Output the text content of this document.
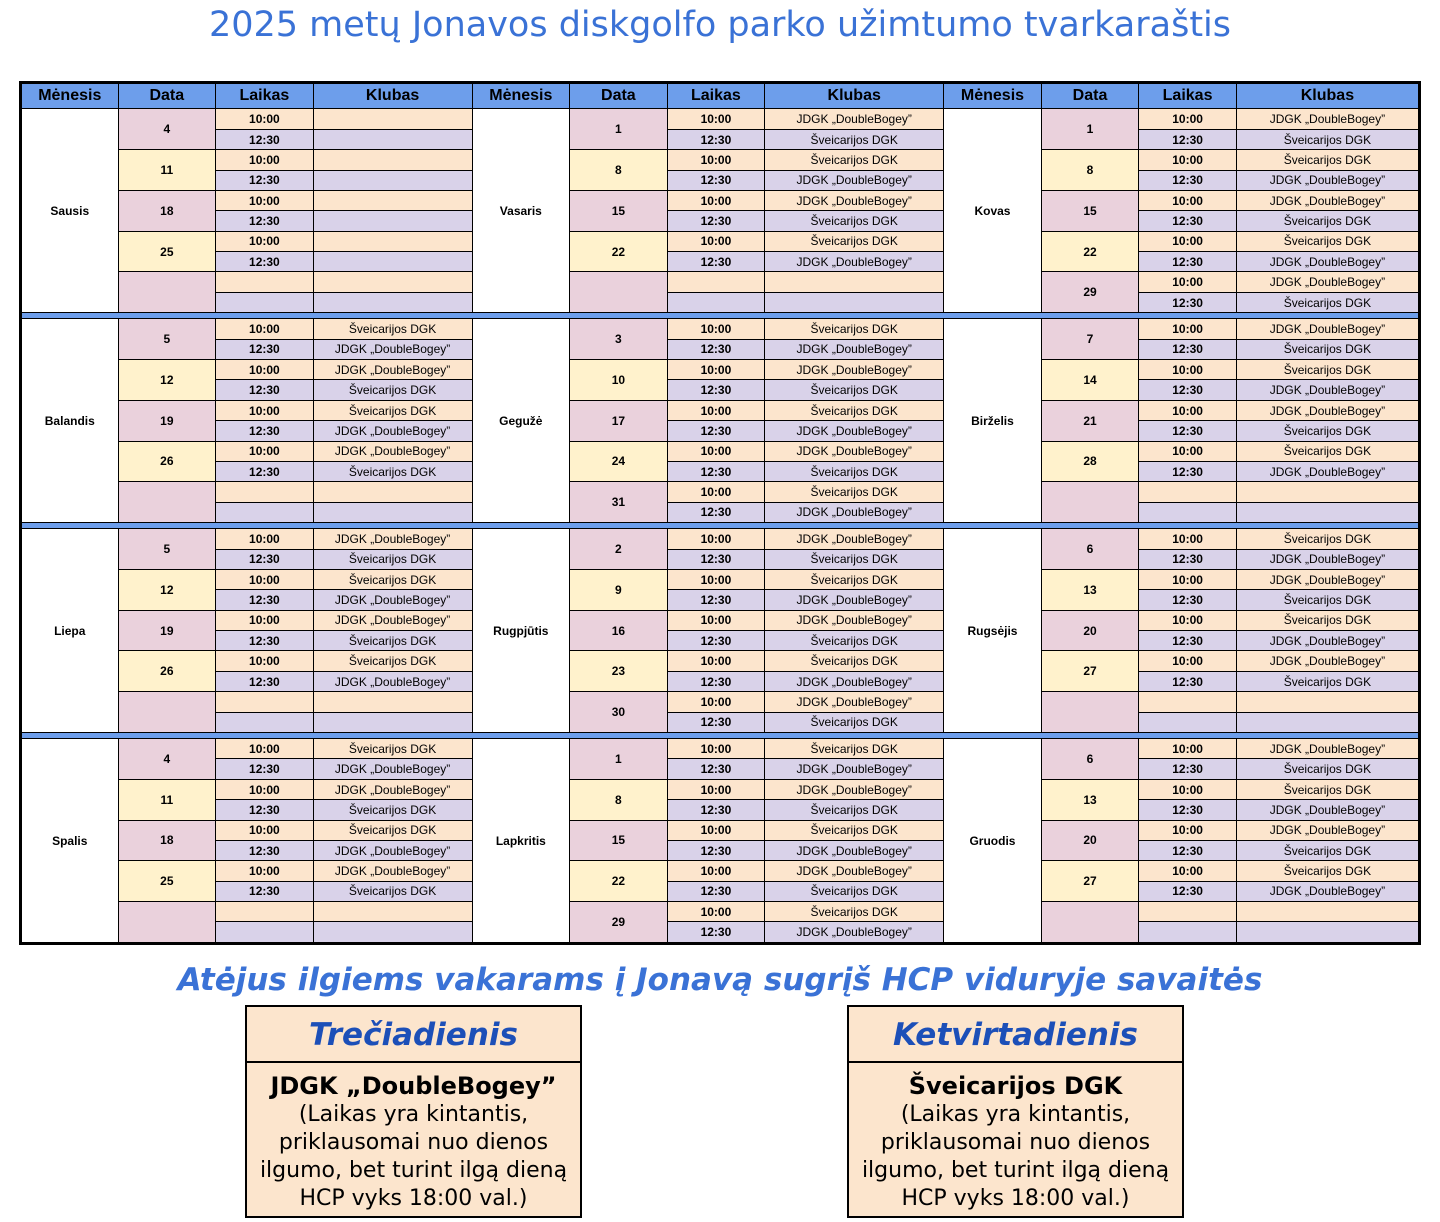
2025 metų Jonavos diskgolfo parko užimtumo tvarkaraštis
Mėnesis	Data	Laikas	Klubas	Mėnesis	Data	Laikas	Klubas	Mėnesis	Data	Laikas	Klubas
Sausis	4	10:00		Vasaris	1	10:00	JDGK „DoubleBogey”	Kovas	1	10:00	JDGK „DoubleBogey”
		12:30				12:30	Šveicarijos DGK			12:30	Šveicarijos DGK
	11	10:00			8	10:00	Šveicarijos DGK		8	10:00	Šveicarijos DGK
		12:30				12:30	JDGK „DoubleBogey”			12:30	JDGK „DoubleBogey”
	18	10:00			15	10:00	JDGK „DoubleBogey”		15	10:00	JDGK „DoubleBogey”
		12:30				12:30	Šveicarijos DGK			12:30	Šveicarijos DGK
	25	10:00			22	10:00	Šveicarijos DGK		22	10:00	Šveicarijos DGK
		12:30				12:30	JDGK „DoubleBogey”			12:30	JDGK „DoubleBogey”
									29	10:00	JDGK „DoubleBogey”
										12:30	Šveicarijos DGK

Balandis	5	10:00	Šveicarijos DGK	Gegužė	3	10:00	Šveicarijos DGK	Birželis	7	10:00	JDGK „DoubleBogey”
		12:30	JDGK „DoubleBogey”			12:30	JDGK „DoubleBogey”			12:30	Šveicarijos DGK
	12	10:00	JDGK „DoubleBogey”		10	10:00	JDGK „DoubleBogey”		14	10:00	Šveicarijos DGK
		12:30	Šveicarijos DGK			12:30	Šveicarijos DGK			12:30	JDGK „DoubleBogey”
	19	10:00	Šveicarijos DGK		17	10:00	Šveicarijos DGK		21	10:00	JDGK „DoubleBogey”
		12:30	JDGK „DoubleBogey”			12:30	JDGK „DoubleBogey”			12:30	Šveicarijos DGK
	26	10:00	JDGK „DoubleBogey”		24	10:00	JDGK „DoubleBogey”		28	10:00	Šveicarijos DGK
		12:30	Šveicarijos DGK			12:30	Šveicarijos DGK			12:30	JDGK „DoubleBogey”
					31	10:00	Šveicarijos DGK				
						12:30	JDGK „DoubleBogey”				

Liepa	5	10:00	JDGK „DoubleBogey”	Rugpjūtis	2	10:00	JDGK „DoubleBogey”	Rugsėjis	6	10:00	Šveicarijos DGK
		12:30	Šveicarijos DGK			12:30	Šveicarijos DGK			12:30	JDGK „DoubleBogey”
	12	10:00	Šveicarijos DGK		9	10:00	Šveicarijos DGK		13	10:00	JDGK „DoubleBogey”
		12:30	JDGK „DoubleBogey”			12:30	JDGK „DoubleBogey”			12:30	Šveicarijos DGK
	19	10:00	JDGK „DoubleBogey”		16	10:00	JDGK „DoubleBogey”		20	10:00	Šveicarijos DGK
		12:30	Šveicarijos DGK			12:30	Šveicarijos DGK			12:30	JDGK „DoubleBogey”
	26	10:00	Šveicarijos DGK		23	10:00	Šveicarijos DGK		27	10:00	JDGK „DoubleBogey”
		12:30	JDGK „DoubleBogey”			12:30	JDGK „DoubleBogey”			12:30	Šveicarijos DGK
					30	10:00	JDGK „DoubleBogey”				
						12:30	Šveicarijos DGK				

Spalis	4	10:00	Šveicarijos DGK	Lapkritis	1	10:00	Šveicarijos DGK	Gruodis	6	10:00	JDGK „DoubleBogey”
		12:30	JDGK „DoubleBogey”			12:30	JDGK „DoubleBogey”			12:30	Šveicarijos DGK
	11	10:00	JDGK „DoubleBogey”		8	10:00	JDGK „DoubleBogey”		13	10:00	Šveicarijos DGK
		12:30	Šveicarijos DGK			12:30	Šveicarijos DGK			12:30	JDGK „DoubleBogey”
	18	10:00	Šveicarijos DGK		15	10:00	Šveicarijos DGK		20	10:00	JDGK „DoubleBogey”
		12:30	JDGK „DoubleBogey”			12:30	JDGK „DoubleBogey”			12:30	Šveicarijos DGK
	25	10:00	JDGK „DoubleBogey”		22	10:00	JDGK „DoubleBogey”		27	10:00	Šveicarijos DGK
		12:30	Šveicarijos DGK			12:30	Šveicarijos DGK			12:30	JDGK „DoubleBogey”
					29	10:00	Šveicarijos DGK				
						12:30	JDGK „DoubleBogey”				
Atėjus ilgiems vakarams į Jonavą sugrįš HCP viduryje savaitės
Trečiadienis
JDGK „DoubleBogey”
(Laikas yra kintantis, priklausomai nuo dienos ilgumo, bet turint ilgą dieną HCP vyks 18:00 val.)
Ketvirtadienis
Šveicarijos DGK
(Laikas yra kintantis, priklausomai nuo dienos ilgumo, bet turint ilgą dieną HCP vyks 18:00 val.)
